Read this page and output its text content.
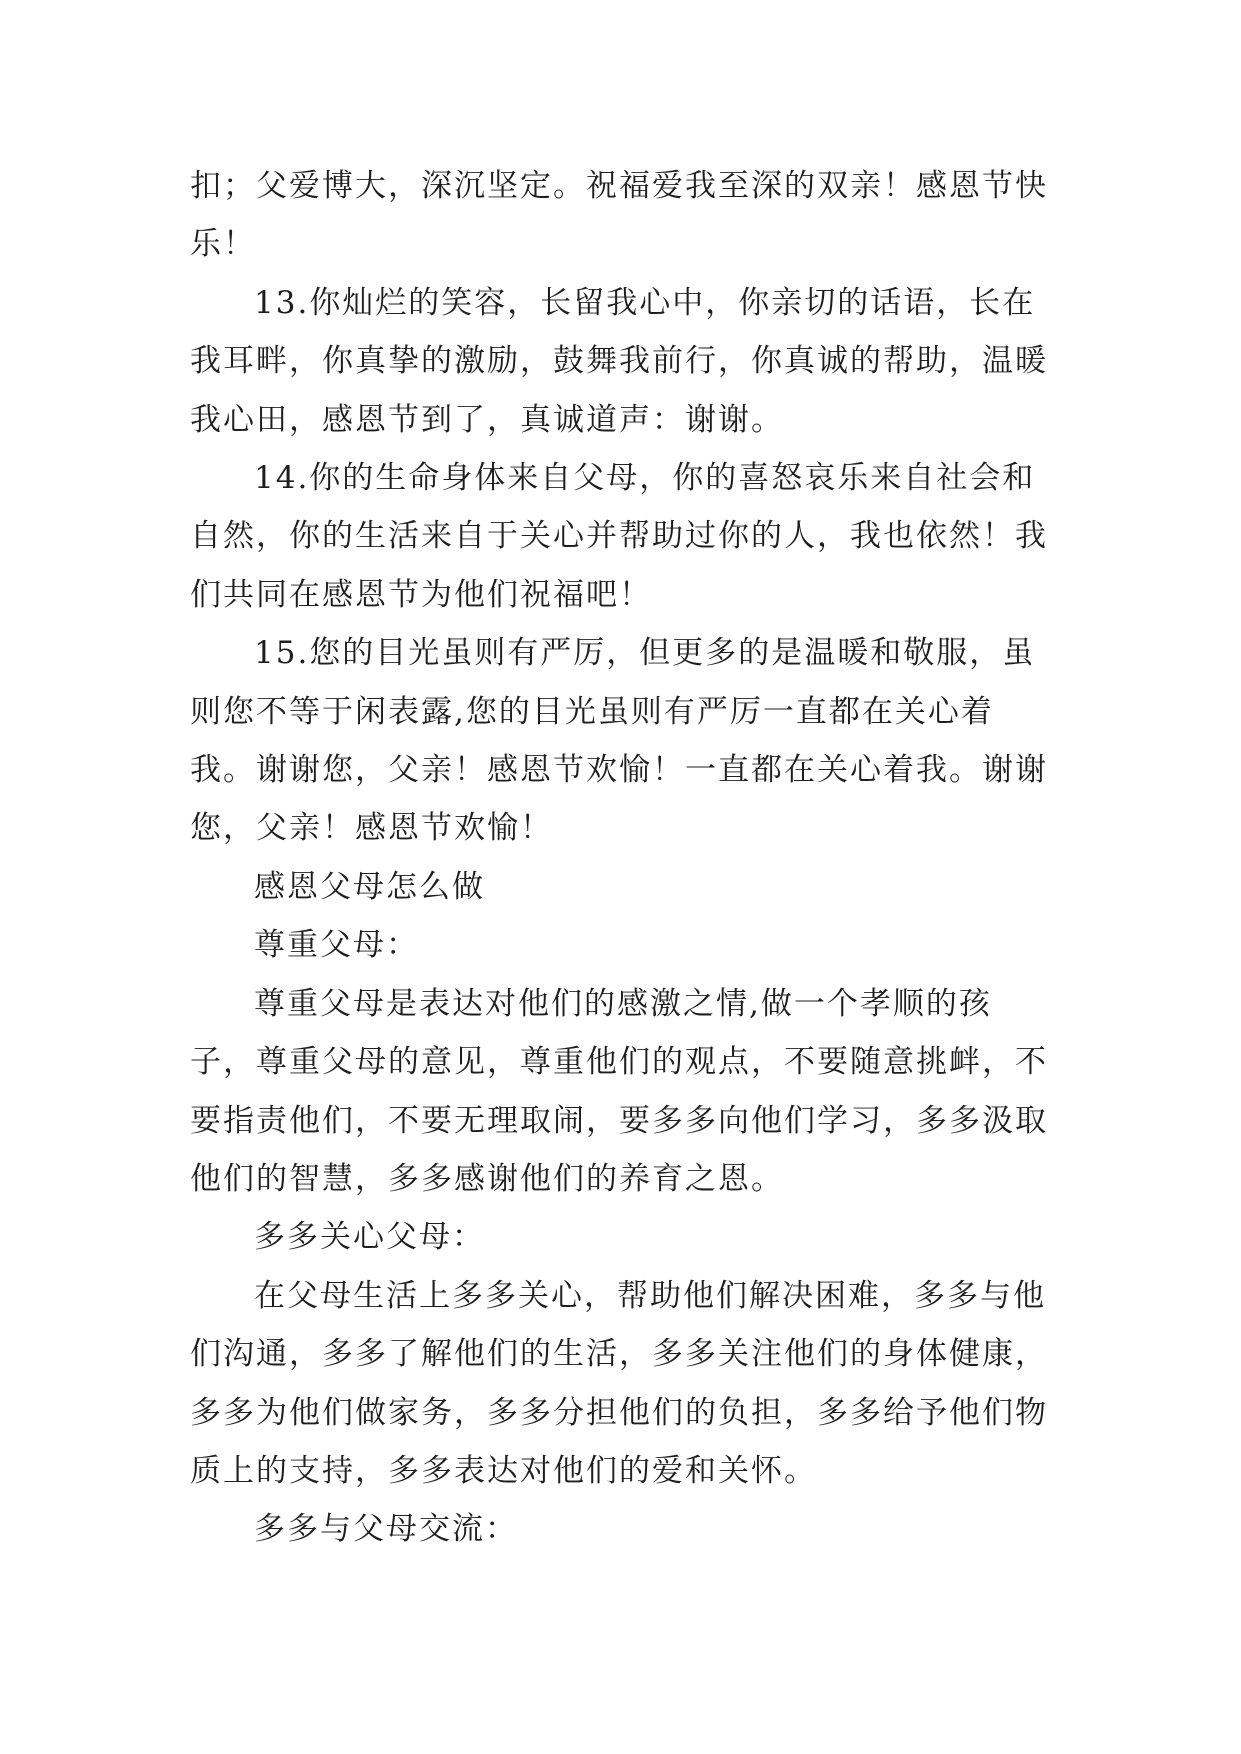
扣；父爱博大，深沉坚定。祝福爱我至深的双亲！感恩节快乐！

13.你灿烂的笑容，长留我心中，你亲切的话语，长在我耳畔，你真挚的激励，鼓舞我前行，你真诚的帮助，温暖我心田，感恩节到了，真诚道声：谢谢。

14.你的生命身体来自父母，你的喜怒哀乐来自社会和自然，你的生活来自于关心并帮助过你的人，我也依然！我们共同在感恩节为他们祝福吧！

15.您的目光虽则有严厉，但更多的是温暖和敬服，虽则您不等于闲表露,您的目光虽则有严厉一直都在关心着我。谢谢您，父亲！感恩节欢愉！一直都在关心着我。谢谢您，父亲！感恩节欢愉！

感恩父母怎么做

尊重父母：

尊重父母是表达对他们的感激之情,做一个孝顺的孩子，尊重父母的意见，尊重他们的观点，不要随意挑衅，不要指责他们，不要无理取闹，要多多向他们学习，多多汲取他们的智慧，多多感谢他们的养育之恩。

多多关心父母：

在父母生活上多多关心，帮助他们解决困难，多多与他们沟通，多多了解他们的生活，多多关注他们的身体健康，多多为他们做家务，多多分担他们的负担，多多给予他们物质上的支持，多多表达对他们的爱和关怀。

多多与父母交流：
